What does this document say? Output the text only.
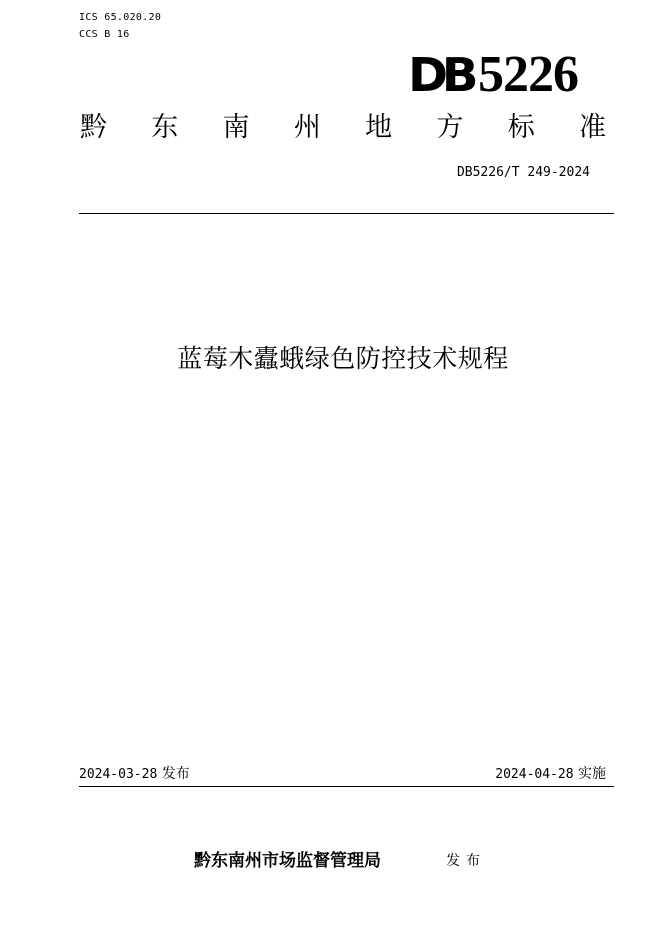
ICS 65.020.20
CCS B 16
DB 5226
黔 东 南 州 地 方 标 准
DB5226/T 249-2024
蓝莓木蠹蛾绿色防控技术规程
2024-03-28 发布	2024-04-28 实施
黔东南州市场监督管理局	发布
